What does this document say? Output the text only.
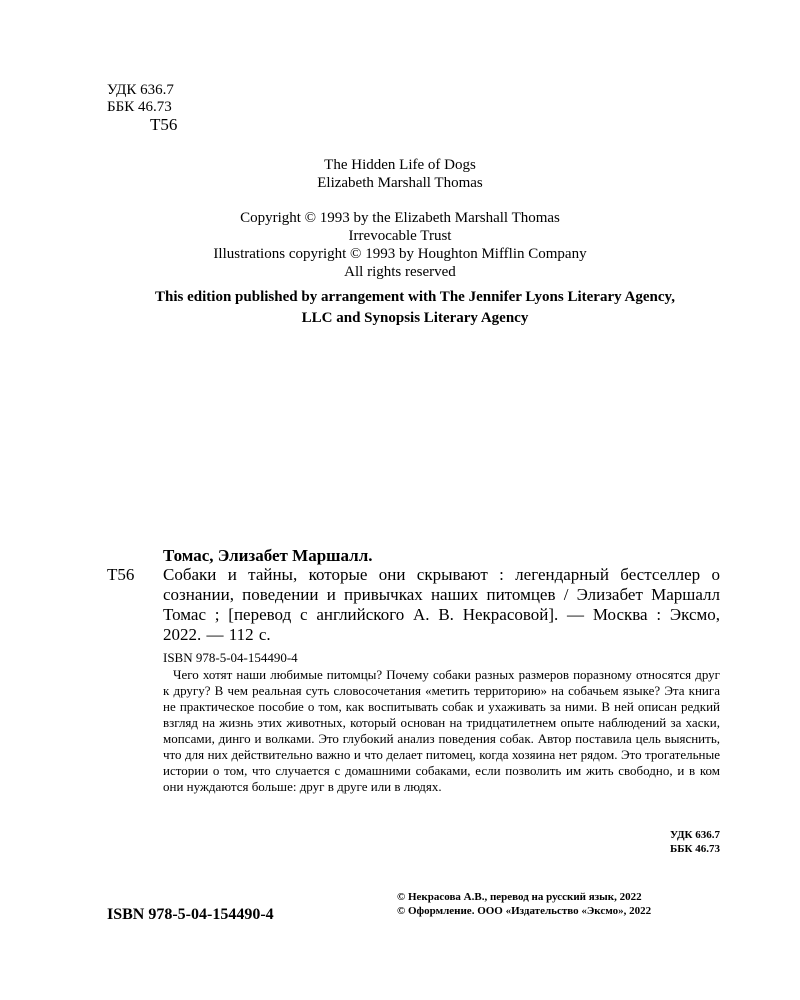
УДК 636.7
ББК 46.73
Т56
The Hidden Life of Dogs
Elizabeth Marshall Thomas
Copyright © 1993 by the Elizabeth Marshall Thomas
Irrevocable Trust
Illustrations copyright © 1993 by Houghton Mifflin Company
All rights reserved
This edition published by arrangement with The Jennifer Lyons Literary Agency,
LLC and Synopsis Literary Agency
Томас, Элизабет Маршалл.
Т56 Собаки и тайны, которые они скрывают : легендарный бестселлер о сознании, поведении и привычках наших питомцев / Элизабет Маршалл Томас ; [перевод с английского А. В. Некрасовой]. — Москва : Эксмо, 2022. — 112 с.
ISBN 978-5-04-154490-4
Чего хотят наши любимые питомцы? Почему собаки разных размеров поразному относятся друг к другу? В чем реальная суть словосочетания «метить территорию» на собачьем языке? Эта книга не практическое пособие о том, как воспитывать собак и ухаживать за ними. В ней описан редкий взгляд на жизнь этих животных, который основан на тридцатилетнем опыте наблюдений за хаски, мопсами, динго и волками. Это глубокий анализ поведения собак. Автор поставила цель выяснить, что для них действительно важно и что делает питомец, когда хозяина нет рядом. Это трогательные истории о том, что случается с домашними собаками, если позволить им жить свободно, и в ком они нуждаются больше: друг в друге или в людях.
УДК 636.7
ББК 46.73
ISBN 978-5-04-154490-4
© Некрасова А.В., перевод на русский язык, 2022
© Оформление. ООО «Издательство «Эксмо», 2022
